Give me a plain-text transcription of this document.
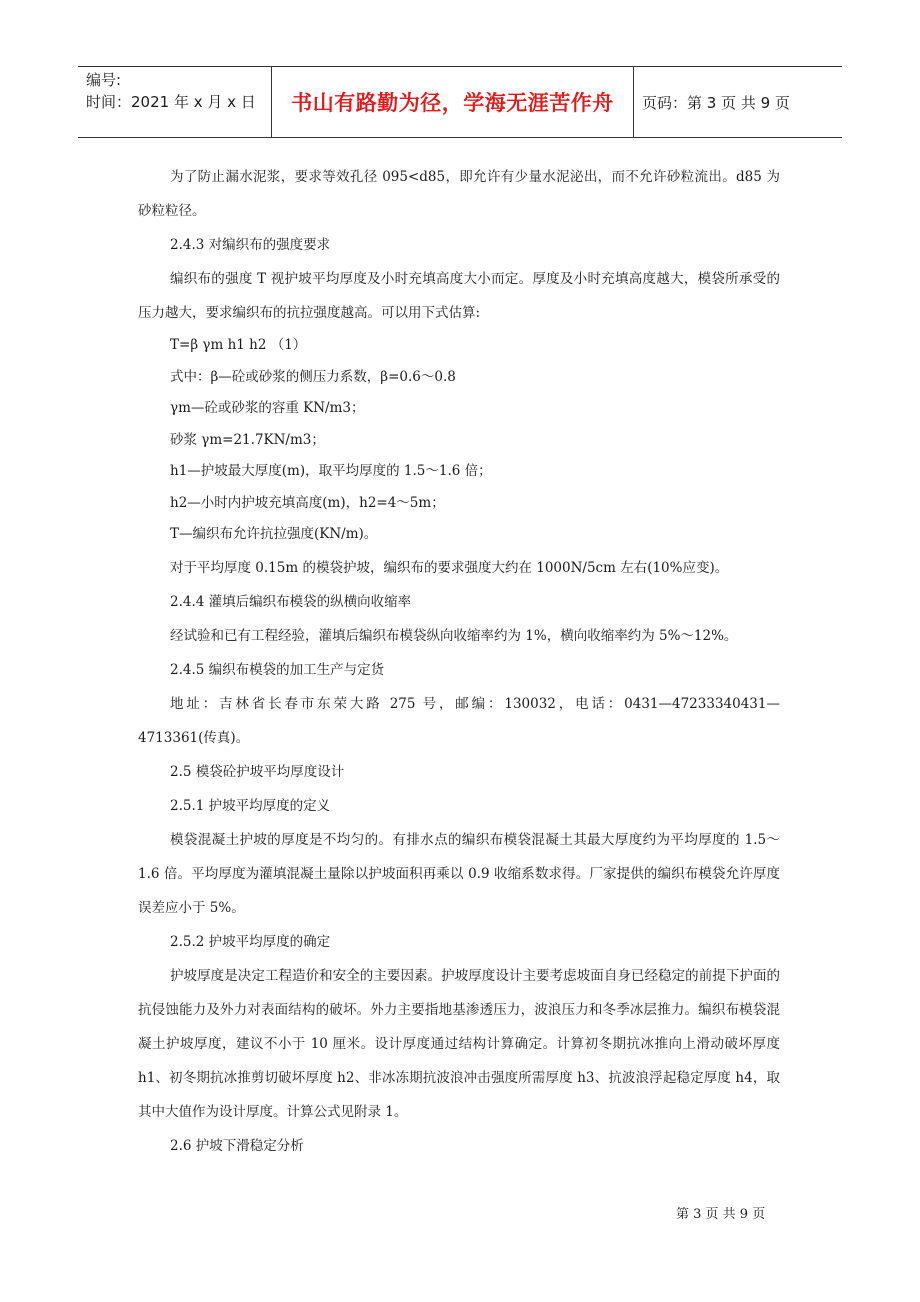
编号:
时间：2021 年 x 月 x 日 书山有路勤为径，学海无涯苦作舟 页码：第 3 页 共 9 页

为了防止漏水泥浆，要求等效孔径 095<d85，即允许有少量水泥泌出，而不允许砂粒流出。d85 为砂粒粒径。

2.4.3 对编织布的强度要求

编织布的强度 T 视护坡平均厚度及小时充填高度大小而定。厚度及小时充填高度越大，模袋所承受的压力越大，要求编织布的抗拉强度越高。可以用下式估算:

T=β γm h1 h2 （1）

式中：β—砼或砂浆的侧压力系数，β=0.6～0.8

γm—砼或砂浆的容重 KN/m3；

砂浆 γm=21.7KN/m3；

h1—护坡最大厚度(m)，取平均厚度的 1.5～1.6 倍；

h2—小时内护坡充填高度(m)，h2=4～5m；

T—编织布允许抗拉强度(KN/m)。

对于平均厚度 0.15m 的模袋护坡，编织布的要求强度大约在 1000N/5cm 左右(10%应变)。

2.4.4 灌填后编织布模袋的纵横向收缩率

经试验和已有工程经验，灌填后编织布模袋纵向收缩率约为 1%，横向收缩率约为 5%～12%。

2.4.5 编织布模袋的加工生产与定货

地址：吉林省长春市东荣大路 275 号，邮编：130032，电话：0431—47233340431—4713361(传真)。

2.5 模袋砼护坡平均厚度设计

2.5.1 护坡平均厚度的定义

模袋混凝土护坡的厚度是不均匀的。有排水点的编织布模袋混凝土其最大厚度约为平均厚度的 1.5～1.6 倍。平均厚度为灌填混凝土量除以护坡面积再乘以 0.9 收缩系数求得。厂家提供的编织布模袋允许厚度误差应小于 5%。

2.5.2 护坡平均厚度的确定

护坡厚度是决定工程造价和安全的主要因素。护坡厚度设计主要考虑坡面自身已经稳定的前提下护面的抗侵蚀能力及外力对表面结构的破坏。外力主要指地基渗透压力，波浪压力和冬季冰层推力。编织布模袋混凝土护坡厚度，建议不小于 10 厘米。设计厚度通过结构计算确定。计算初冬期抗冰推向上滑动破坏厚度 h1、初冬期抗冰推剪切破坏厚度 h2、非冰冻期抗波浪冲击强度所需厚度 h3、抗波浪浮起稳定厚度 h4，取其中大值作为设计厚度。计算公式见附录 1。

2.6 护坡下滑稳定分析

第 3 页 共 9 页
